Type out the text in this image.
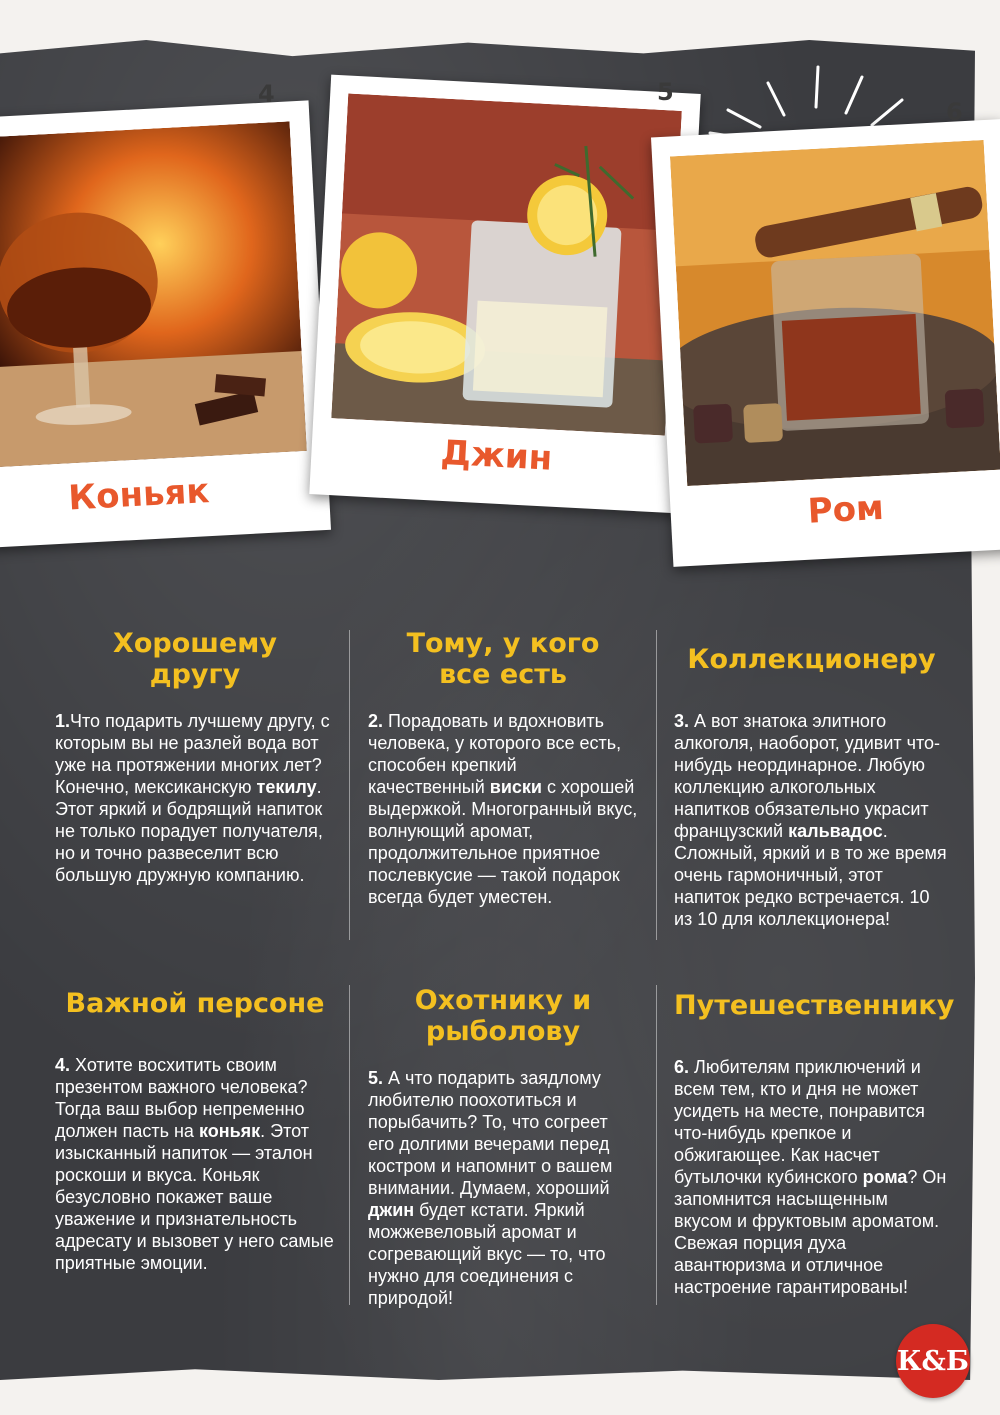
Коньяк
4
Джин
5
Ром
6
Хорошему другу

1.Что подарить лучшему другу, с которым вы не разлей вода вот уже на протяжении многих лет? Конечно, мексиканскую текилу. Этот яркий и бодрящий напиток не только порадует получателя, но и точно развеселит всю большую дружную компанию.

Тому, у кого все есть

2. Порадовать и вдохновить человека, у которого все есть, способен крепкий качественный виски с хорошей выдержкой. Многогранный вкус, волнующий аромат, продолжительное приятное послевкусие — такой подарок всегда будет уместен.

Коллекционеру

3. А вот знатока элитного алкоголя, наоборот, удивит что-нибудь неординарное. Любую коллекцию алкогольных напитков обязательно украсит французский кальвадос. Сложный, яркий и в то же время очень гармоничный, этот напиток редко встречается. 10 из 10 для коллекционера!

Важной персоне

4. Хотите восхитить своим презентом важного человека? Тогда ваш выбор непременно должен пасть на коньяк. Этот изысканный напиток — эталон роскоши и вкуса. Коньяк безусловно покажет ваше уважение и признательность адресату и вызовет у него самые приятные эмоции.

Охотнику и рыболову

5. А что подарить заядлому любителю поохотиться и порыбачить? То, что согреет его долгими вечерами перед костром и напомнит о вашем внимании. Думаем, хороший джин будет кстати. Яркий можжевеловый аромат и согревающий вкус — то, что нужно для соединения с природой!

Путешественнику

6. Любителям приключений и всем тем, кто и дня не может усидеть на месте, понравится что-нибудь крепкое и обжигающее. Как насчет бутылочки кубинского рома? Он запомнится насыщенным вкусом и фруктовым ароматом. Свежая порция духа авантюризма и отличное настроение гарантированы!

К&Б
